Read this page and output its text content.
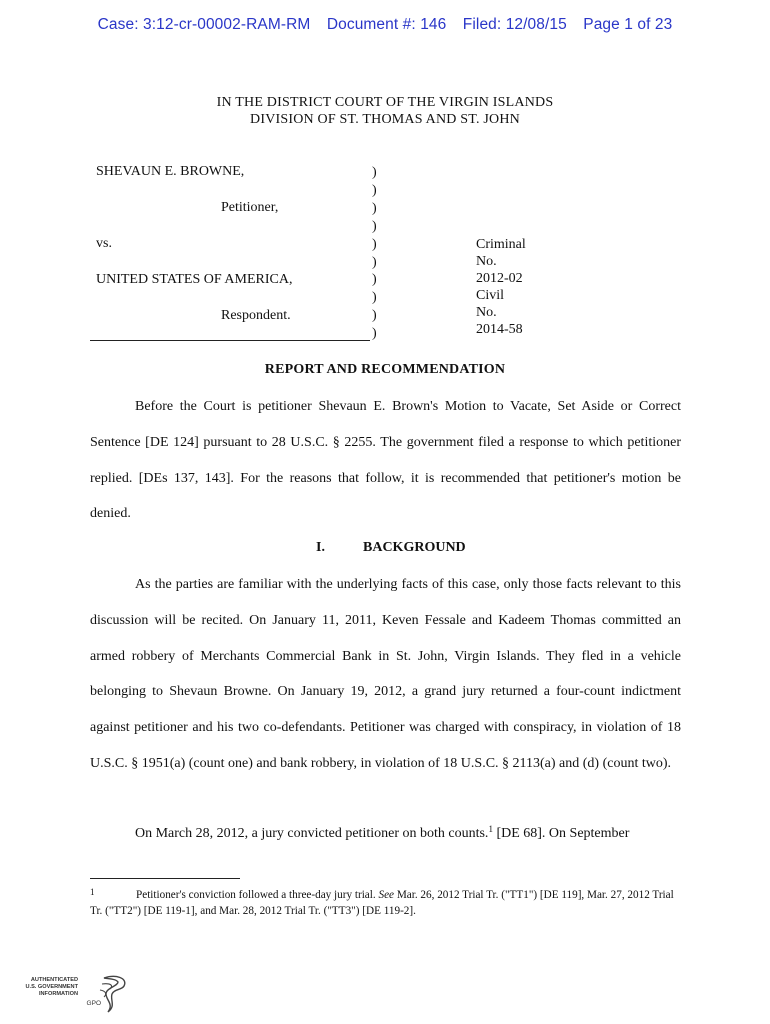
Case: 3:12-cr-00002-RAM-RM Document #: 146 Filed: 12/08/15 Page 1 of 23
IN THE DISTRICT COURT OF THE VIRGIN ISLANDS
DIVISION OF ST. THOMAS AND ST. JOHN
SHEVAUN E. BROWNE,
Petitioner,
vs.
UNITED STATES OF AMERICA,
Respondent.
)
)
)
)
)
)
)
)
)
)
Criminal No. 2012-02
Civil No. 2014-58
REPORT AND RECOMMENDATION
Before the Court is petitioner Shevaun E. Brown's Motion to Vacate, Set Aside or Correct Sentence [DE 124] pursuant to 28 U.S.C. § 2255. The government filed a response to which petitioner replied. [DEs 137, 143]. For the reasons that follow, it is recommended that petitioner's motion be denied.
I.	BACKGROUND
As the parties are familiar with the underlying facts of this case, only those facts relevant to this discussion will be recited. On January 11, 2011, Keven Fessale and Kadeem Thomas committed an armed robbery of Merchants Commercial Bank in St. John, Virgin Islands. They fled in a vehicle belonging to Shevaun Browne. On January 19, 2012, a grand jury returned a four-count indictment against petitioner and his two co-defendants. Petitioner was charged with conspiracy, in violation of 18 U.S.C. § 1951(a) (count one) and bank robbery, in violation of 18 U.S.C. § 2113(a) and (d) (count two).
On March 28, 2012, a jury convicted petitioner on both counts.$^1$ [DE 68]. On September
1	Petitioner's conviction followed a three-day jury trial. See Mar. 26, 2012 Trial Tr. ("TT1") [DE 119], Mar. 27, 2012 Trial Tr. ("TT2") [DE 119-1], and Mar. 28, 2012 Trial Tr. ("TT3") [DE 119-2].
AUTHENTICATED
U.S. GOVERNMENT
INFORMATION
GPO
